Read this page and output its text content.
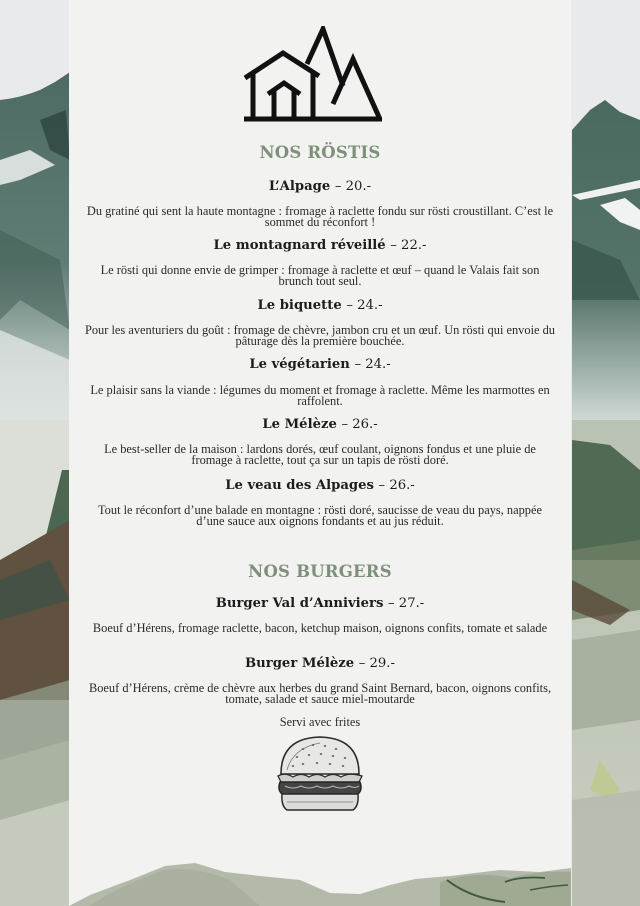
NOS RÖSTIS
L’Alpage – 20.-
Du gratiné qui sent la haute montagne : fromage à raclette fondu sur rösti croustillant. C’est le sommet du réconfort !
Le montagnard réveillé – 22.-
Le rösti qui donne envie de grimper : fromage à raclette et œuf – quand le Valais fait son brunch tout seul.
Le biquette – 24.-
Pour les aventuriers du goût : fromage de chèvre, jambon cru et un œuf. Un rösti qui envoie du pâturage dès la première bouchée.
Le végétarien – 24.-
Le plaisir sans la viande : légumes du moment et fromage à raclette. Même les marmottes en raffolent.
Le Mélèze – 26.-
Le best-seller de la maison : lardons dorés, œuf coulant, oignons fondus et une pluie de fromage à raclette, tout ça sur un tapis de rösti doré.
Le veau des Alpages – 26.-
Tout le réconfort d’une balade en montagne : rösti doré, saucisse de veau du pays, nappée d’une sauce aux oignons fondants et au jus réduit.
NOS BURGERS
Burger Val d’Anniviers – 27.-
Boeuf d’Hérens, fromage raclette, bacon, ketchup maison, oignons confits, tomate et salade
Burger Mélèze – 29.-
Boeuf d’Hérens, crème de chèvre aux herbes du grand Saint Bernard, bacon, oignons confits, tomate, salade et sauce miel-moutarde
Servi avec frites
